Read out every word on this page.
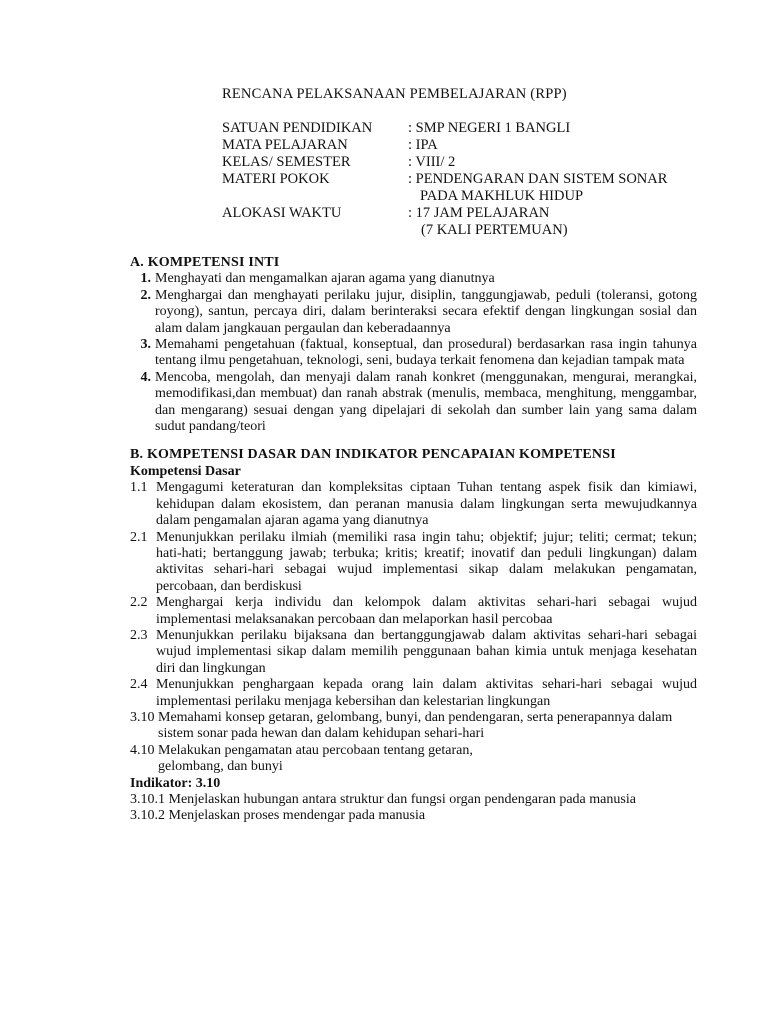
RENCANA PELAKSANAAN PEMBELAJARAN (RPP)
SATUAN PENDIDIKAN	: SMP NEGERI 1 BANGLI
MATA PELAJARAN	: IPA
KELAS/ SEMESTER	: VIII/ 2
MATERI POKOK	: PENDENGARAN DAN SISTEM SONAR
PADA MAKHLUK HIDUP
ALOKASI WAKTU	: 17 JAM PELAJARAN
(7 KALI PERTEMUAN)
A. KOMPETENSI INTI
1. Menghayati dan mengamalkan ajaran agama yang dianutnya
2. Menghargai dan menghayati perilaku jujur, disiplin, tanggungjawab, peduli (toleransi, gotong royong), santun, percaya diri, dalam berinteraksi secara efektif dengan lingkungan sosial dan alam dalam jangkauan pergaulan dan keberadaannya
3. Memahami pengetahuan (faktual, konseptual, dan prosedural) berdasarkan rasa ingin tahunya tentang ilmu pengetahuan, teknologi, seni, budaya terkait fenomena dan kejadian tampak mata
4. Mencoba, mengolah, dan menyaji dalam ranah konkret (menggunakan, mengurai, merangkai, memodifikasi,dan membuat) dan ranah abstrak (menulis, membaca, menghitung, menggambar, dan mengarang) sesuai dengan yang dipelajari di sekolah dan sumber lain yang sama dalam sudut pandang/teori
B. KOMPETENSI DASAR DAN INDIKATOR PENCAPAIAN KOMPETENSI
Kompetensi Dasar
1.1 Mengagumi keteraturan dan kompleksitas ciptaan Tuhan tentang aspek fisik dan kimiawi, kehidupan dalam ekosistem, dan peranan manusia dalam lingkungan serta mewujudkannya dalam pengamalan ajaran agama yang dianutnya
2.1 Menunjukkan perilaku ilmiah (memiliki rasa ingin tahu; objektif; jujur; teliti; cermat; tekun; hati-hati; bertanggung jawab; terbuka; kritis; kreatif; inovatif dan peduli lingkungan) dalam aktivitas sehari-hari sebagai wujud implementasi sikap dalam melakukan pengamatan, percobaan, dan berdiskusi
2.2 Menghargai kerja individu dan kelompok dalam aktivitas sehari-hari sebagai wujud implementasi melaksanakan percobaan dan melaporkan hasil percobaa
2.3 Menunjukkan perilaku bijaksana dan bertanggungjawab dalam aktivitas sehari-hari sebagai wujud implementasi sikap dalam memilih penggunaan bahan kimia untuk menjaga kesehatan diri dan lingkungan
2.4 Menunjukkan penghargaan kepada orang lain dalam aktivitas sehari-hari sebagai wujud implementasi perilaku menjaga kebersihan dan kelestarian lingkungan
3.10 Memahami konsep getaran, gelombang, bunyi, dan pendengaran, serta penerapannya dalam
sistem sonar pada hewan dan dalam kehidupan sehari-hari
4.10 Melakukan pengamatan atau percobaan tentang getaran,
gelombang, dan bunyi
Indikator: 3.10
3.10.1 Menjelaskan hubungan antara struktur dan fungsi organ pendengaran pada manusia
3.10.2 Menjelaskan proses mendengar pada manusia
